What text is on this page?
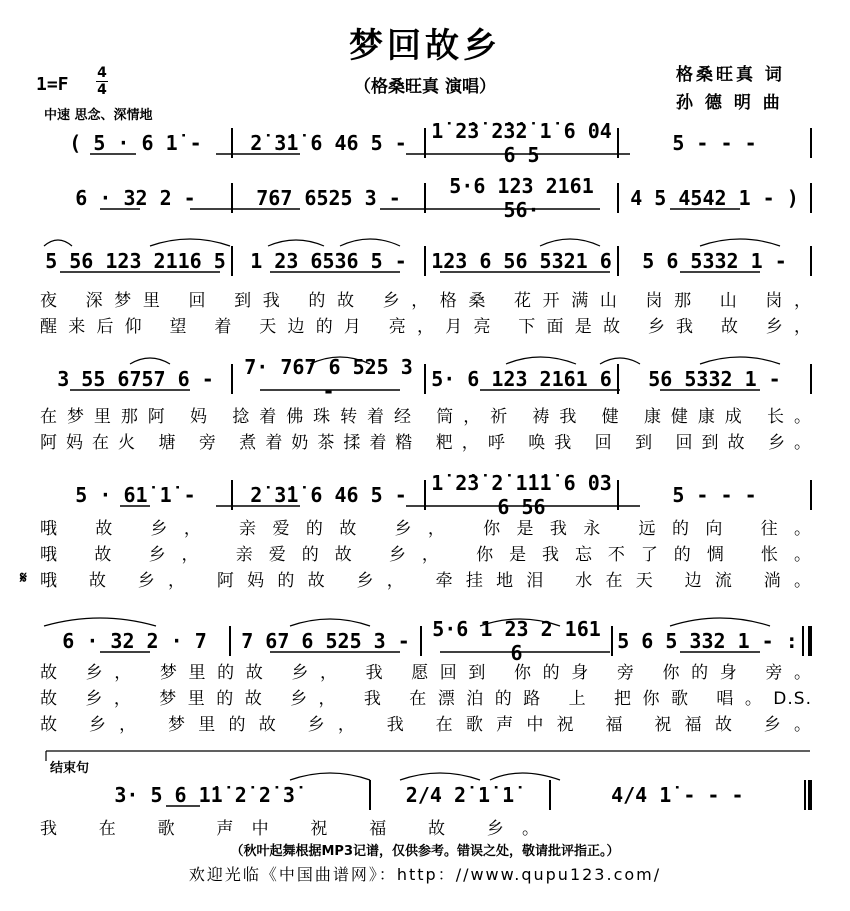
梦回故乡
（格桑旺真 演唱）
格桑旺真 词
孙 德 明 曲
1=F
4
4
中速 思念、深情地
( 5 · 6 1̇ -	2̇ 3̇1̇ 6 46 5 -	1̇ 2̇3̇ 2̇3̇2̇ 1̇ 6 04 6 5	5 - - -
6 · 32 2 -	767 6525 3 -	5·6 123 2161 56·	4 5 4542 1 - )
5 56 123 2116 5	1 23 6536 5 -	123 6 56 5321 6	5 6 5332 1 -
夜 深梦里 回 到我 的故 乡，格桑 花开满山 岗那 山 岗，
醒来后仰 望 着 天边的月 亮，月亮 下面是故 乡我 故 乡，
3 55 6757 6 -	7· 767 6 525 3 -	5· 6 123 2161 6	56 5332 1 -
在梦里那阿 妈 捻着佛珠转着经 筒，祈 祷我 健 康健康成 长。
阿妈在火 塘 旁 煮着奶茶揉着糌 粑，呼 唤我 回 到 回到故 乡。
5 · 61̇ 1̇ -	2̇ 3̇1̇ 6 46 5 -	1̇ 2̇3̇ 2̇ 1̇1̇1̇ 6 03 6 56	5 - - -
哦 故 乡， 亲爱的故 乡， 你是我永 远的向 往。
哦 故 乡， 亲爱的故 乡， 你是我忘不了的惆 怅。
哦 故 乡， 阿妈的故 乡， 牵挂地泪 水在天 边流 淌。
𝄋
6 · 32 2 · 7	7 67 6 525 3 -	5·6 1 23 2 161 6	5 6 5 332 1 - :
故 乡， 梦里的故 乡， 我 愿回到 你的身 旁 你的身 旁。
故 乡， 梦里的故 乡， 我 在漂泊的路 上 把你歌 唱。D.S.
故 乡， 梦里的故 乡， 我 在歌声中祝 福 祝福故 乡。
结束句
3· 5 6 1̇1̇ 2̇ 2̇ 3̇	2/4 2̇ 1̇ 1̇	4/4 1̇ - - -
我 在 歌 声中 祝 福 故 乡。
（秋叶起舞根据MP3记谱，仅供参考。错误之处，敬请批评指正。）
欢迎光临《中国曲谱网》：http：//www.qupu123.com/
